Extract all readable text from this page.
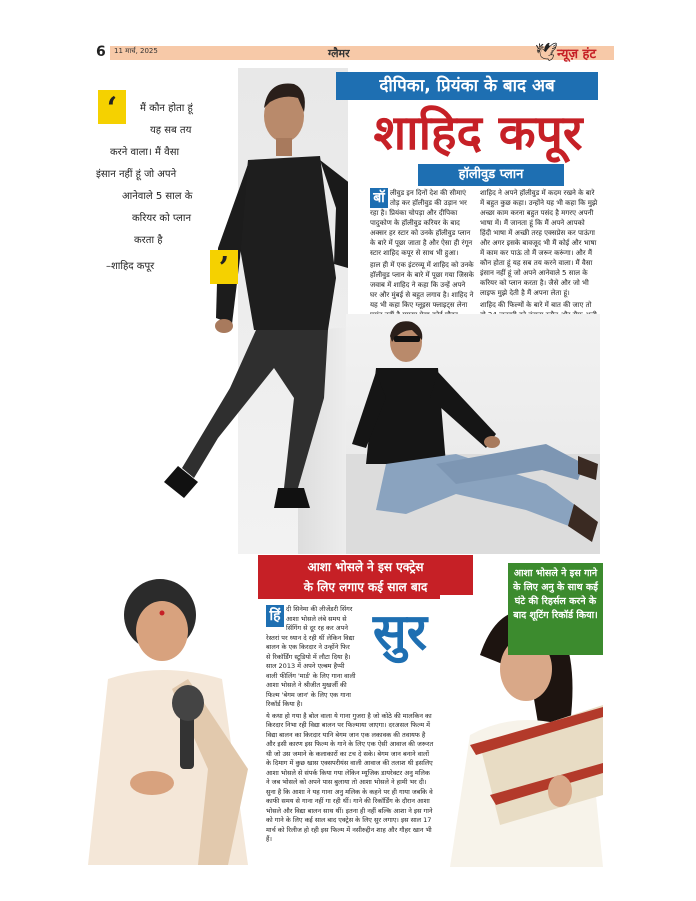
6	11 मार्च, 2025	ग्लैमर	🕊 न्यूज़ हंट
‘	मैं कौन होता हूं
यह सब तय
करने वाला। मैं वैसा
इंसान नहीं हूं जो अपने
आनेवाले 5 साल के
करियर को प्लान
करता है
–शाहिद कपूर ’
दीपिका, प्रियंका के बाद अब
शाहिद कपूर
हॉलीवुड प्लान
बॉ लीवुड इन दिनों देश की सीमाएं तोड़ कर हॉलीवुड की उड़ान भर रहा है। प्रियंका चोपड़ा और दीपिका पादुकोण के हॉलीवुड करियर के बाद अक्सर हर स्टार को उनके हॉलीवुड प्लान के बारे में पूछा जाता है और ऐसा ही रंगून स्टार शाहिद कपूर से साथ भी हुआ।

हाल ही में एक इंटरव्यू में शाहिद को उनके हॉलीवुड प्लान के बारे में पूछा गया जिसके जवाब में शाहिद ने कहा कि उन्हें अपने घर और मुंबई से बहुत लगाव है। शाहिद ने यह भी कहा किए ग्लूइस फ्लाइट्स लेना

शाहिद ने अपने हॉलीवुड में कदम रखने के बारे में बहुत कुछ कहा। उन्होंने यह भी कहा कि मुझे अच्छा काम करना बहुत पसंद है मगरए अपनी भाषा में। मैं जानता हूं कि मैं अपने आपको हिंदी भाषा में अच्छी तरह एक्सप्रेस कर पाऊंगा और अगर इसके बावजूद भी मैं कोई और भाषा में काम कर पाऊं तो मैं जरूर करूंगा। और मैं कौन होता हूं यह सब तय करने वाला। मैं वैसा इंसान नहीं हूं जो अपने आनेवाले 5 साल के करियर को प्लान करता है। जैसे और जो भी लाइफ मुझे देती है मैं अपना लेता हूं।

शाहिद की फिल्मों के बारे में बात की जाए तो

आशा भोसले ने इस एक्ट्रेस
के लिए लगाए कई साल बाद
हिं दी सिनेमा की लीजेंडरी सिंगर आशा भोसले लंबे समय से सिंगिंग से दूर रह कर अपने रेस्तरां पर ध्यान दे रही थीं लेकिन विद्या बालन के एक किरदार ने उन्होंने फिर से रिकॉर्डिंग स्टूडियो में लौटा दिया है। साल 2013 में अपने एल्बम हैप्पी वाली फीलिंग 'मार्ड' के लिए गाना वाली आशा भोसले ने श्रीजीत मुखर्जी की फिल्म 'बेगम जान' के लिए एक गाना रिकॉर्ड किया है।

ये कथा हो गया है बोल वाला ये गाना गुजरा है जो कोठे की मालकिन का किरदार निभा रही विद्या बालन पर फिल्माया जाएगा। दरअसल फिल्म में विद्या बालन का किरदार यानि बेगम जान एक लकावक की तवायफ है और इसी कारण इस फिल्म के गाने के लिए एक ऐसी आवाज की जरूरत थी जो उस जमाने के कलाकारों का टच दे सके। बेगम जान बनाने वालों के दिमाग में कुछ खास एक्सपरीयंस वाली आवाज की तलाश थी इसलिए आशा भोसले से संपर्क किया गया लेकिन म्यूजिक डायरेक्टर अनु मलिक ने जब भोसले को अपने पास बुलाया तो आशा भोसले ने हामी भर दी। सुना है कि आशा ने यह गाना अनु मलिक के कहने पर ही गाया जबकि वे काफी समय से गाना नहीं गा रही थीं। गाने की रिकॉर्डिंग के दौरान आशा भोसले और विद्या बालन साथ थीं। इतना ही नहीं बल्कि आशा ने इस गाने को गाने के लिए कई साल बाद एक्ट्रेस के लिए सुर लगाए। इस साल 17 मार्च को रिलीज हो रही इस फिल्म में नसीरुद्दीन शाह और गौहर खान भी हैं।

सुर
आशा भोसले ने इस गाने के लिए अनु के साथ कई घंटे की रिहर्सल करने के बाद शूटिंग रिकॉर्ड किया।
